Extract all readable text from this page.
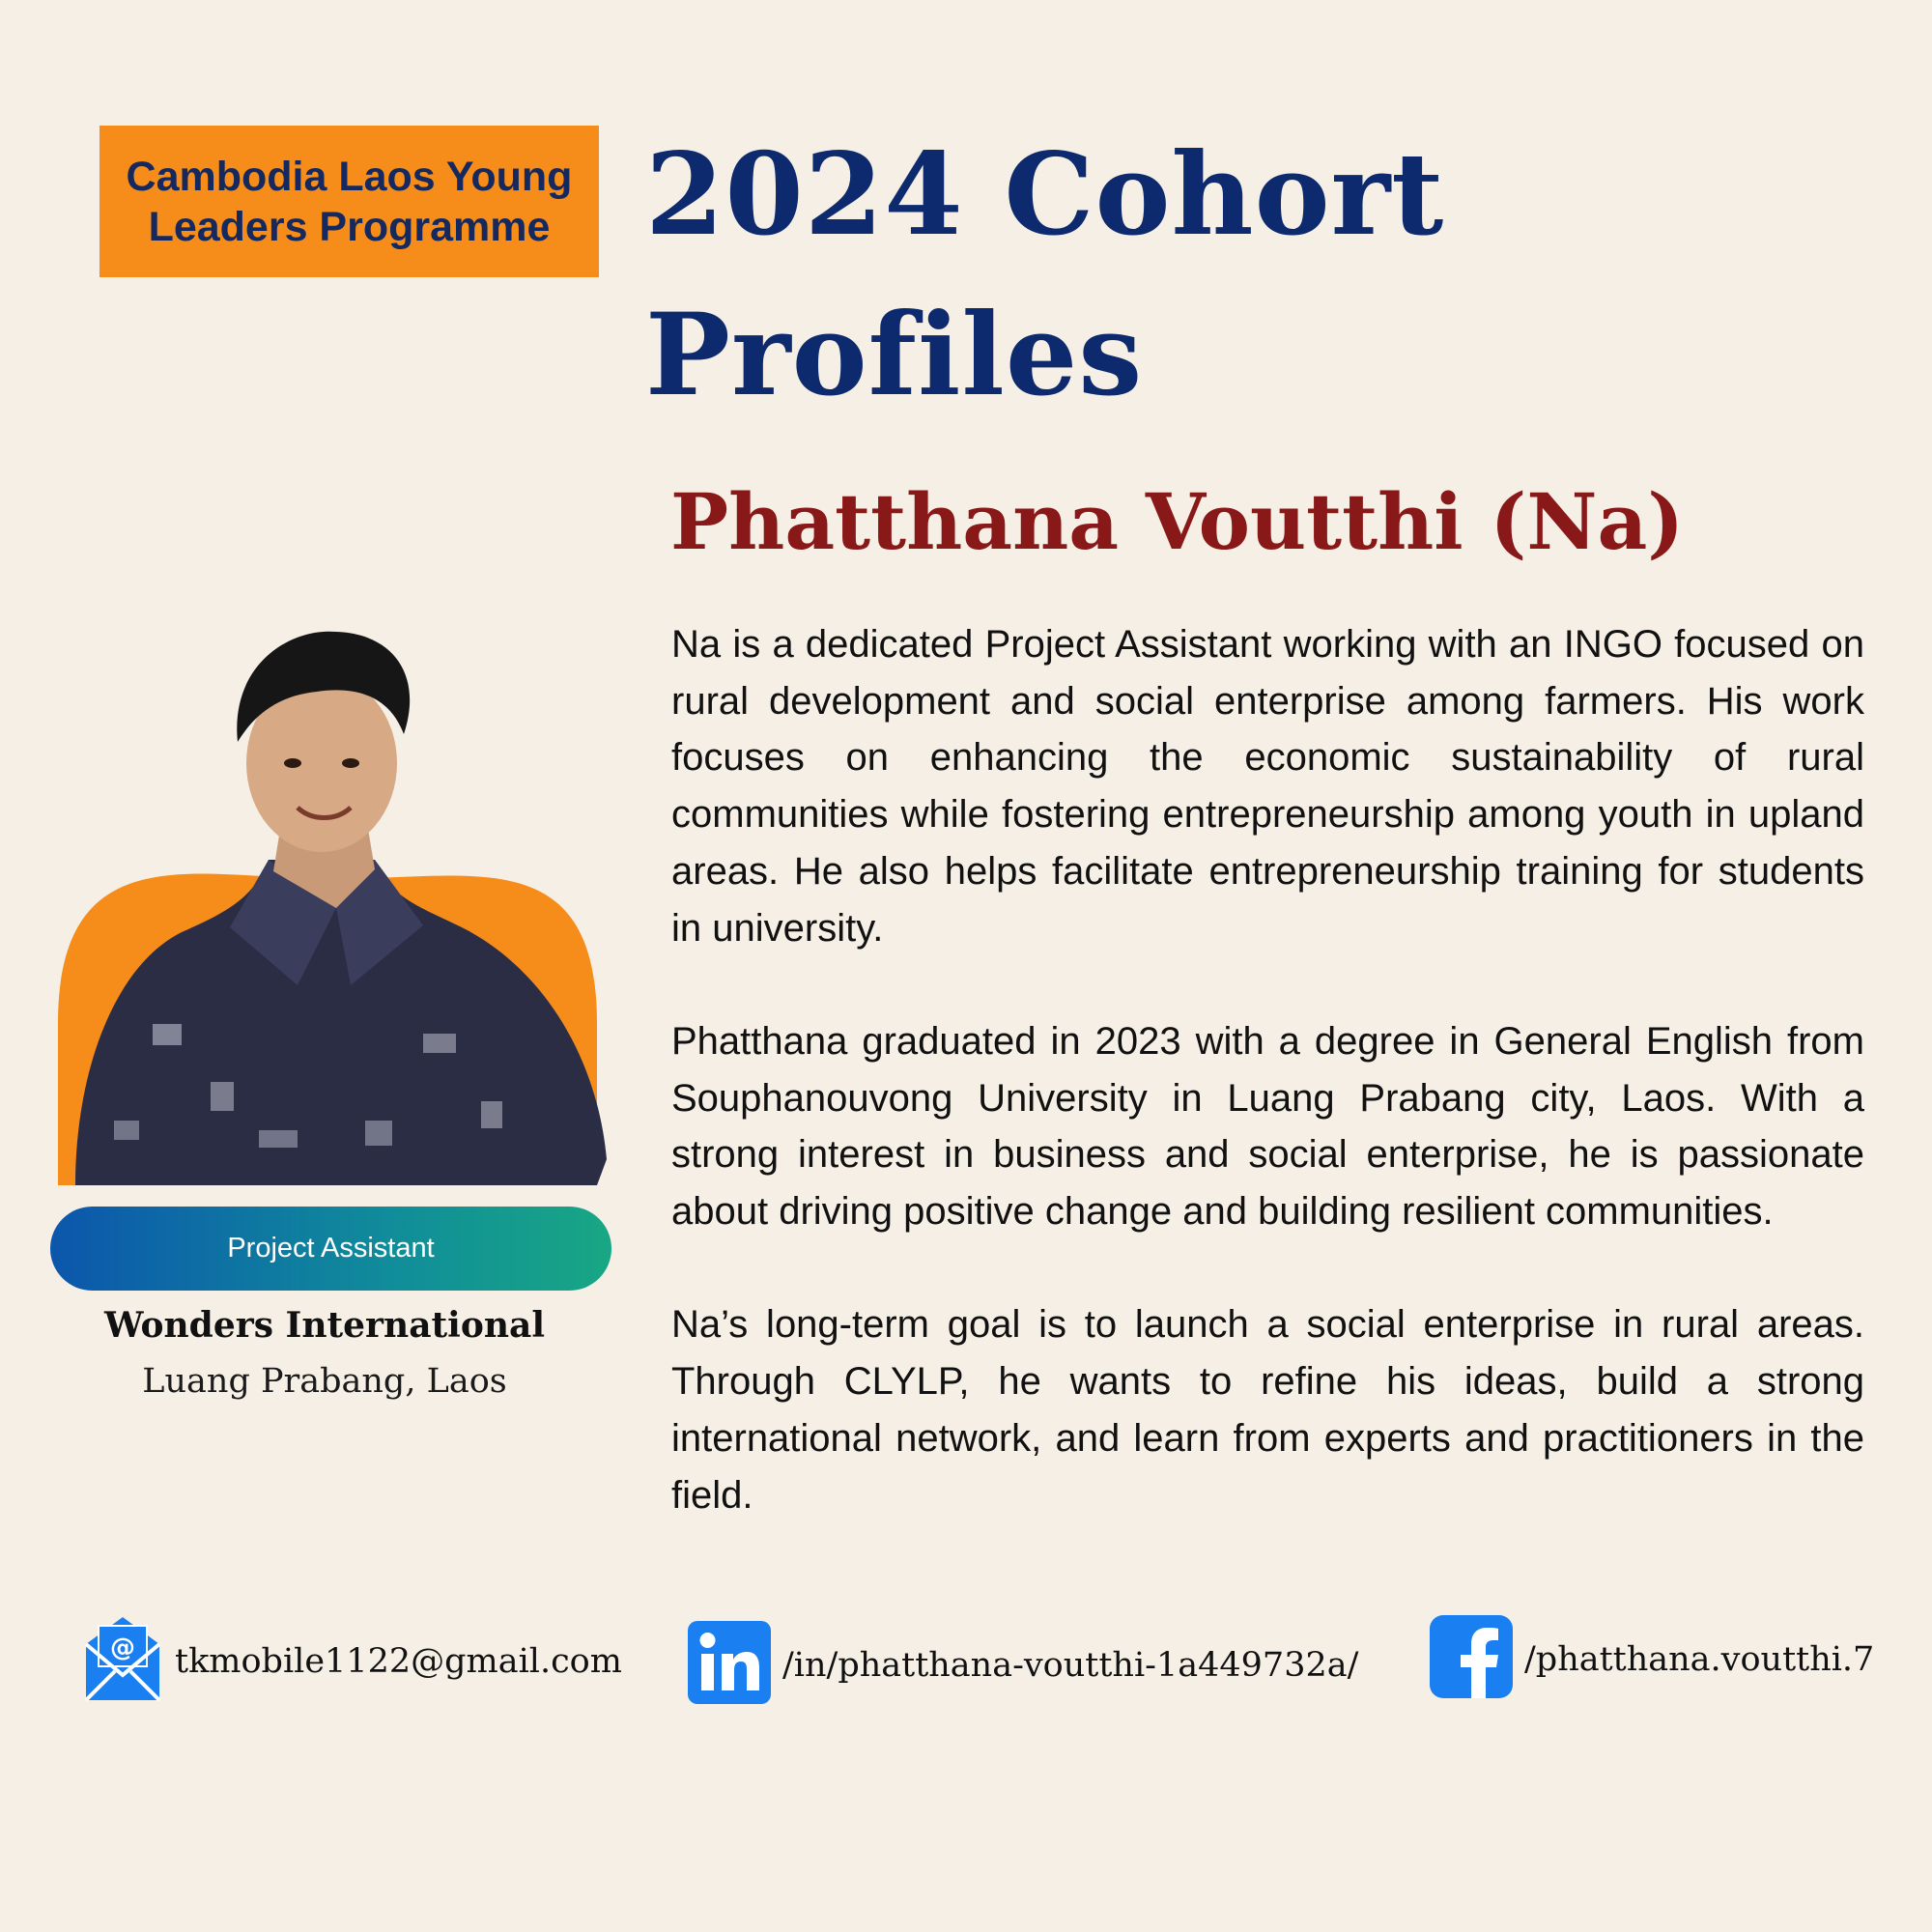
Cambodia Laos Young
Leaders Programme 2024 Cohort
Profiles
Project Assistant
Wonders International
Luang Prabang, Laos
Phatthana Voutthi (Na)

Na is a dedicated Project Assistant working with an INGO focused on rural development and social enterprise among farmers. His work focuses on enhancing the economic sustainability of rural communities while fostering entrepreneurship among youth in upland areas. He also helps facilitate entrepreneurship training for students in university.

Phatthana graduated in 2023 with a degree in General English from Souphanouvong University in Luang Prabang city, Laos. With a strong interest in business and social enterprise, he is passionate about driving positive change and building resilient communities.

Na’s long-term goal is to launch a social enterprise in rural areas. Through CLYLP, he wants to refine his ideas, build a strong international network, and learn from experts and practitioners in the field.

@ tkmobile1122@gmail.com	/in/phatthana-voutthi-1a449732a/	/phatthana.voutthi.7
